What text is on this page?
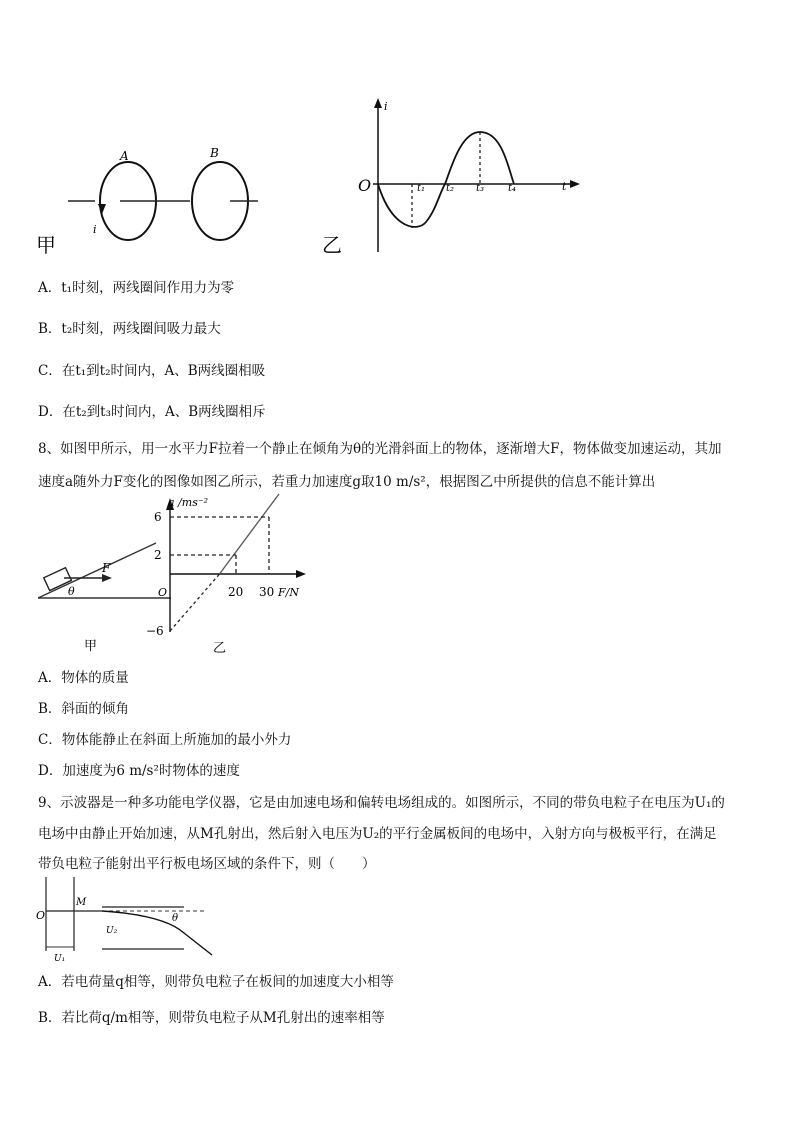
A	B
i
甲
i
t
O	t₁ t₂ t₃ t₄
乙
A．t₁时刻，两线圈间作用力为零
B．t₂时刻，两线圈间吸力最大
C．在t₁到t₂时间内，A、B两线圈相吸
D．在t₂到t₃时间内，A、B两线圈相斥
8、如图甲所示，用一水平力F拉着一个静止在倾角为θ的光滑斜面上的物体，逐渐增大F，物体做变加速运动，其加
速度a随外力F变化的图像如图乙所示，若重力加速度g取10 m/s²，根据图乙中所提供的信息不能计算出
F
θ
甲
6
2
−6
20 30
a /ms⁻²
O	F/N
乙
A．物体的质量
B．斜面的倾角
C．物体能静止在斜面上所施加的最小外力
D．加速度为6 m/s²时物体的速度
9、示波器是一种多功能电学仪器，它是由加速电场和偏转电场组成的。如图所示，不同的带负电粒子在电压为U₁的
电场中由静止开始加速，从M孔射出，然后射入电压为U₂的平行金属板间的电场中，入射方向与极板平行，在满足
带负电粒子能射出平行板电场区域的条件下，则（　　）
O
M
U₁
U₂
θ
A．若电荷量q相等，则带负电粒子在板间的加速度大小相等
B．若比荷q/m相等，则带负电粒子从M孔射出的速率相等
